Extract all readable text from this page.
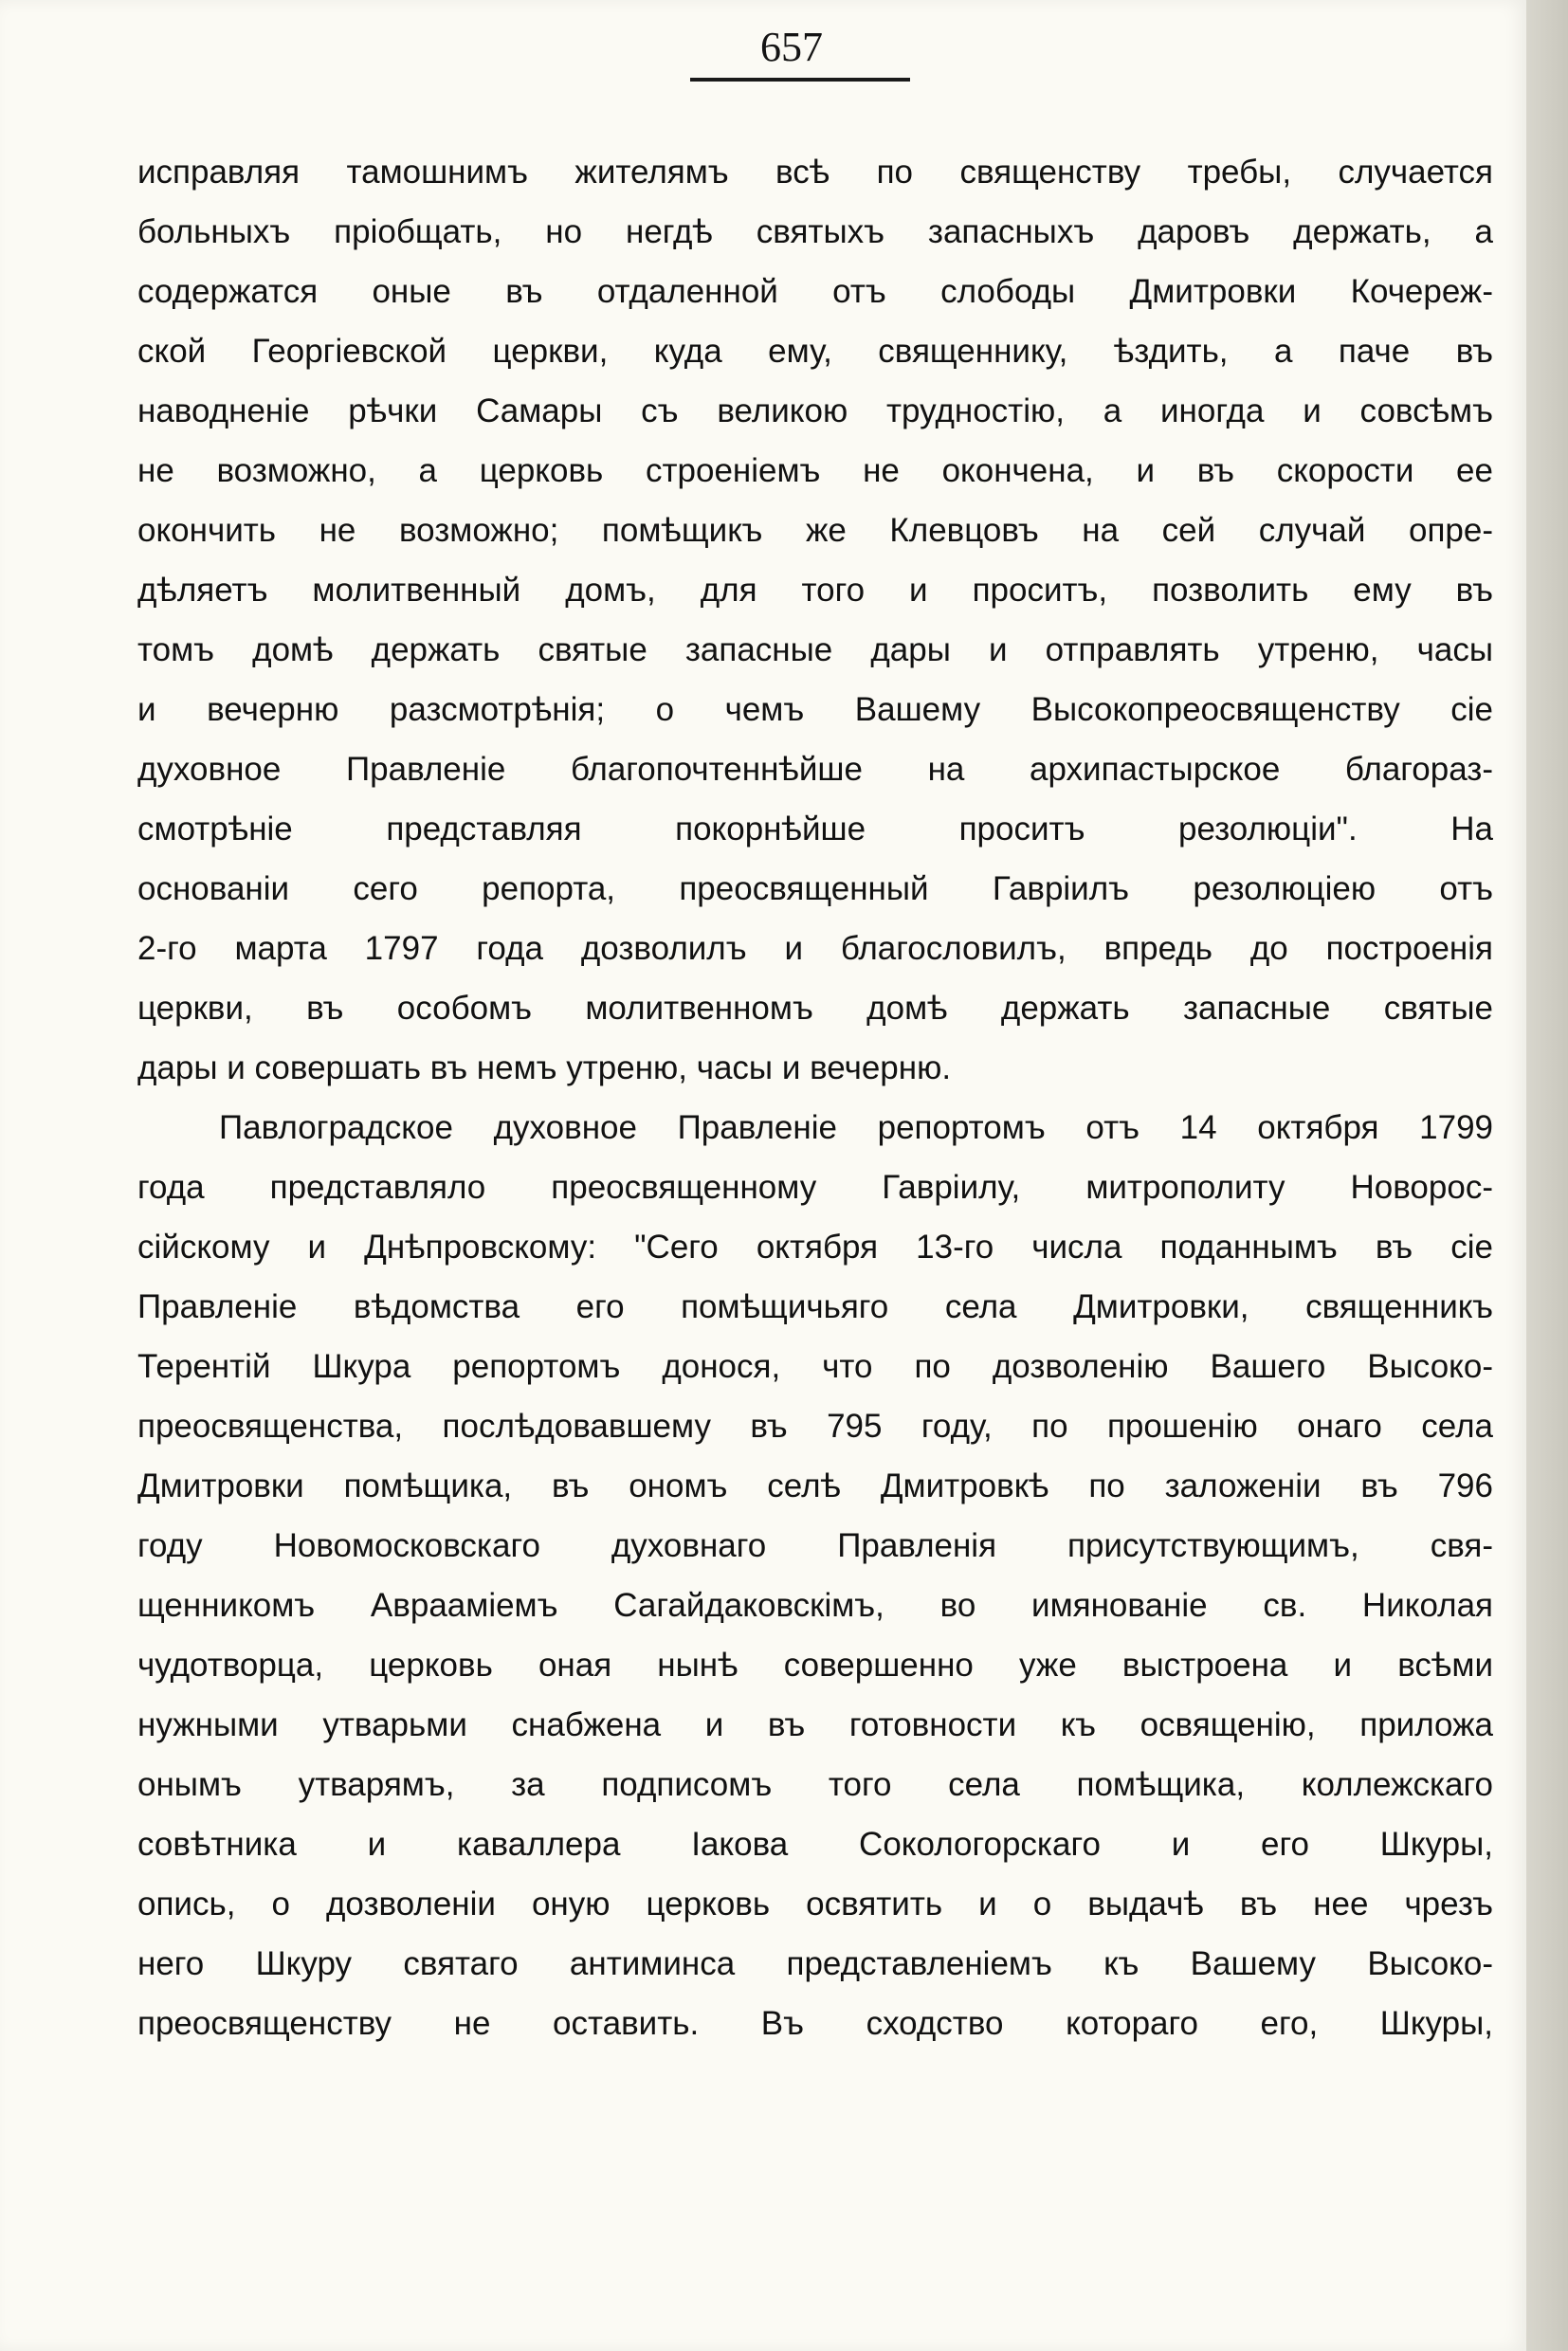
657
исправляя тамошнимъ жителямъ всѣ по священству требы, случается
больныхъ пріобщать, но негдѣ святыхъ запасныхъ даровъ держать, а
содержатся оные въ отдаленной отъ слободы Дмитровки Кочереж-
ской Георгіевской церкви, куда ему, священнику, ѣздить, а паче въ
наводненіе рѣчки Самары съ великою трудностію, а иногда и совсѣмъ
не возможно, а церковь строеніемъ не окончена, и въ скорости ее
окончить не возможно; помѣщикъ же Клевцовъ на сей случай опре-
дѣляетъ молитвенный домъ, для того и проситъ, позволить ему въ
томъ домѣ держать святые запасные дары и отправлять утреню, часы
и вечерню разсмотрѣнія; о чемъ Вашему Высокопреосвященству сіе
духовное Правленіе благопочтеннѣйше на архипастырское благораз-
смотрѣніе представляя покорнѣйше проситъ резолюціи". На
основаніи сего репорта, преосвященный Гавріилъ резолюціею отъ
2-го марта 1797 года дозволилъ и благословилъ, впредь до построенія
церкви, въ особомъ молитвенномъ домѣ держать запасные святые
дары и совершать въ немъ утреню, часы и вечерню.
Павлоградское духовное Правленіе репортомъ отъ 14 октября 1799
года представляло преосвященному Гавріилу, митрополиту Новорос-
сійскому и Днѣпровскому: "Сего октября 13-го числа поданнымъ въ сіе
Правленіе вѣдомства его помѣщичьяго села Дмитровки, священникъ
Терентій Шкура репортомъ донося, что по дозволенію Вашего Высоко-
преосвященства, послѣдовавшему въ 795 году, по прошенію онаго села
Дмитровки помѣщика, въ ономъ селѣ Дмитровкѣ по заложеніи въ 796
году Новомосковскаго духовнаго Правленія присутствующимъ, свя-
щенникомъ Аврааміемъ Сагайдаковскімъ, во имянованіе св. Николая
чудотворца, церковь оная нынѣ совершенно уже выстроена и всѣми
нужными утварьми снабжена и въ готовности къ освященію, приложа
онымъ утварямъ, за подписомъ того села помѣщика, коллежскаго
совѣтника и каваллера Іакова Сокологорскаго и его Шкуры,
опись, о дозволеніи оную церковь освятить и о выдачѣ въ нее чрезъ
него Шкуру святаго антиминса представленіемъ къ Вашему Высоко-
преосвященству не оставить. Въ сходство котораго его, Шкуры,
